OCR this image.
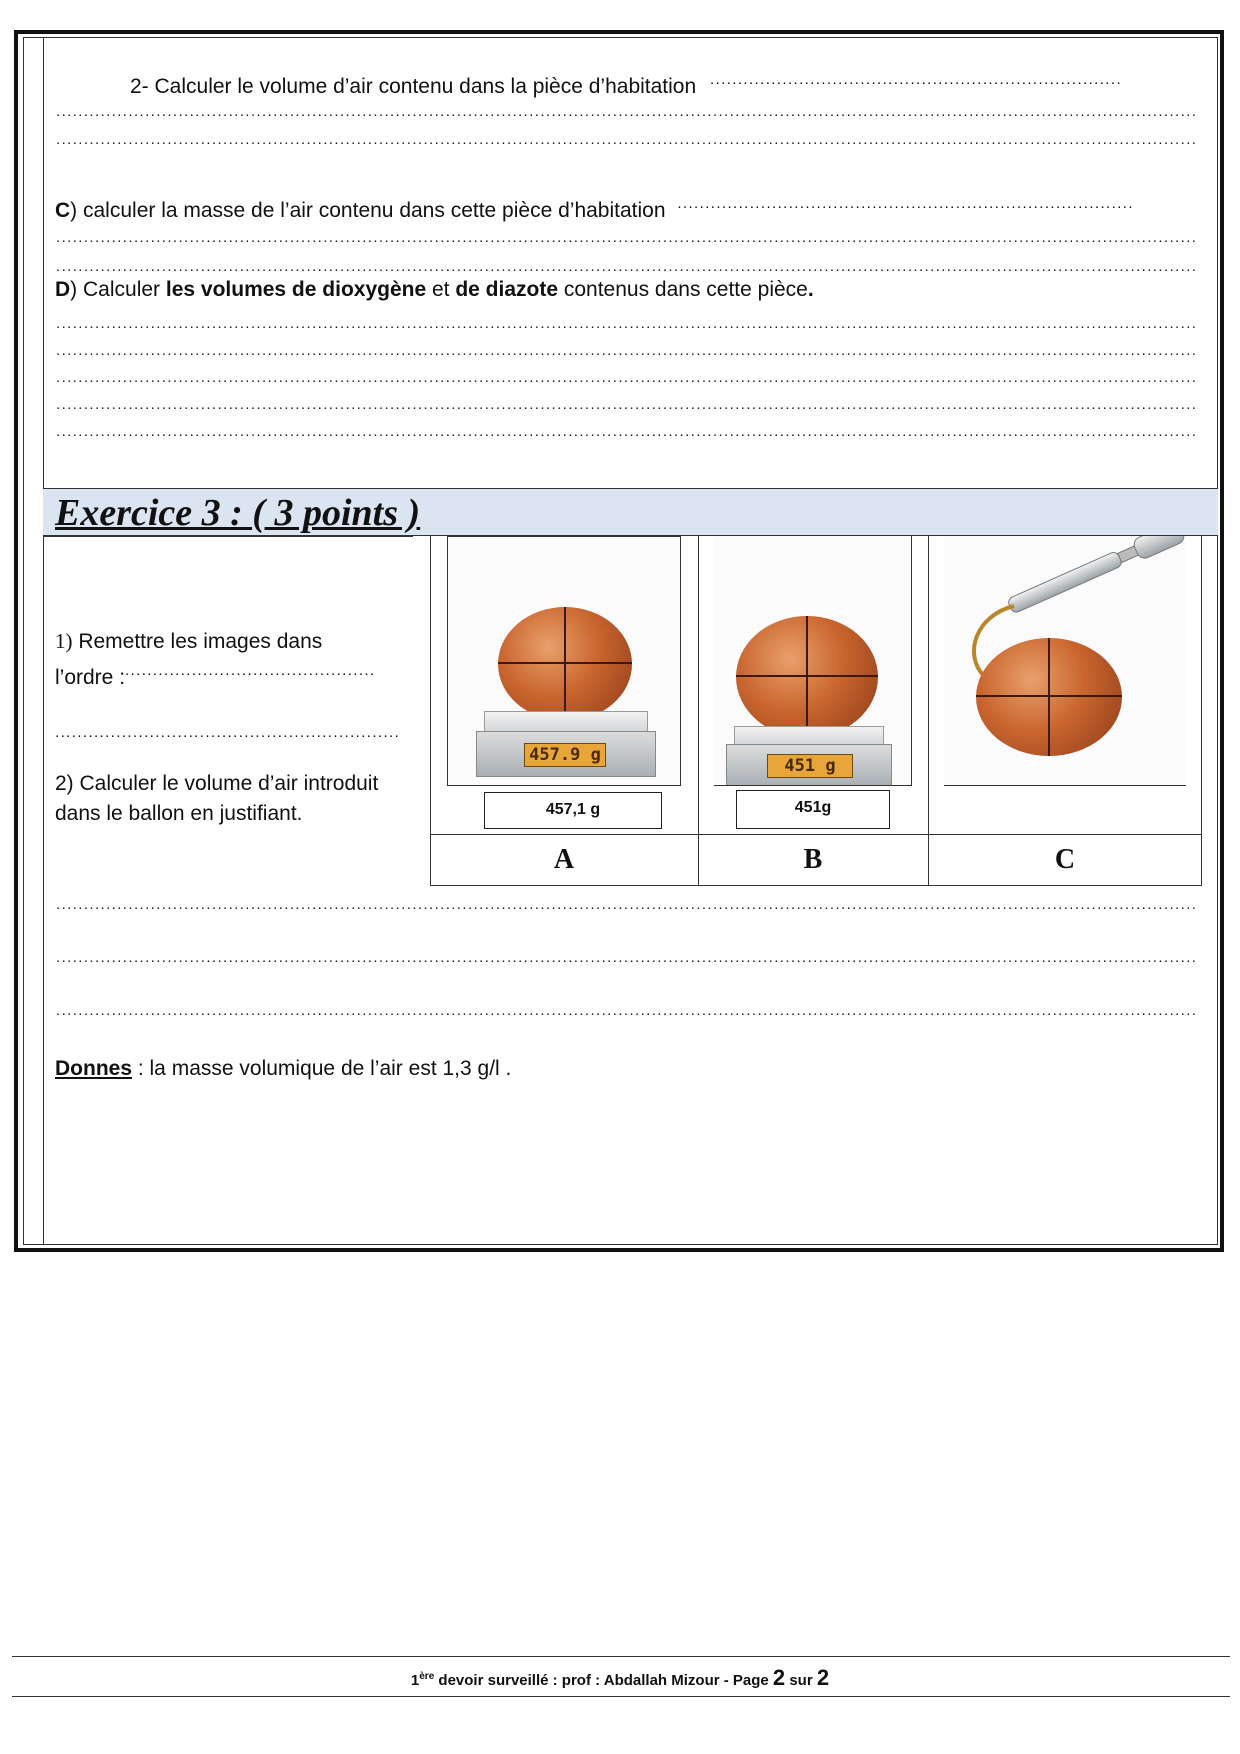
2- Calculer le volume d’air contenu dans la pièce d’habitation .....
.....
.....
C) calculer la masse de l’air contenu dans cette pièce d’habitation .....
.....
.....
D) Calculer les volumes de dioxygène et de diazote contenus dans cette pièce.
.....
.....
.....
.....
.....
Exercice 3 : ( 3 points )
1) Remettre les images dans
l’ordre :.....
.....
2) Calculer le volume d’air introduit
dans le ballon en justifiant.
457.9 g
457,1 g
451 g
451g
A	B	C
.....
.....
.....
Donnes : la masse volumique de l’air est 1,3 g/l .
1ère devoir surveillé : prof : Abdallah Mizour - Page 2 sur 2
